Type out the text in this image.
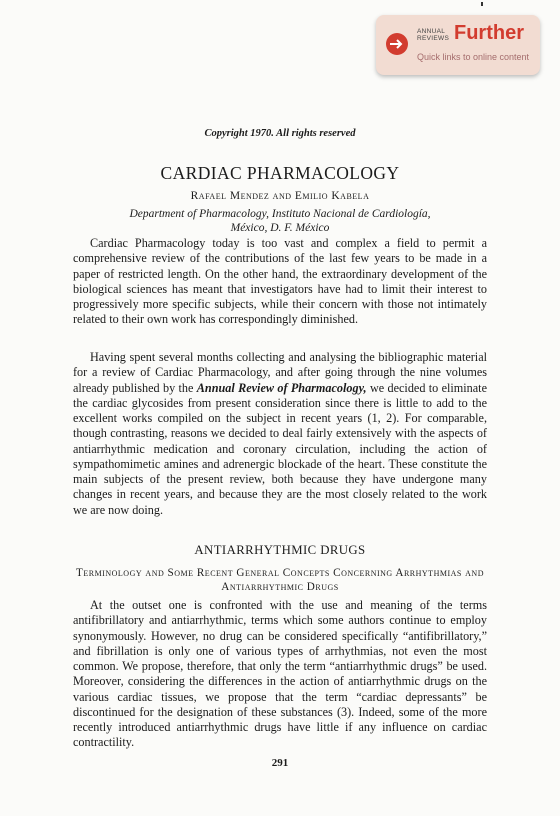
ANNUAL
REVIEWS Further
Quick links to online content
Copyright 1970. All rights reserved
CARDIAC PHARMACOLOGY
Rafael Mendez and Emilio Kabela
Department of Pharmacology, Instituto Nacional de Cardiología,
México, D. F. México

Cardiac Pharmacology today is too vast and complex a field to permit a comprehensive review of the contributions of the last few years to be made in a paper of restricted length. On the other hand, the extraordinary development of the biological sciences has meant that investigators have had to limit their interest to progressively more specific subjects, while their concern with those not intimately related to their own work has correspondingly diminished.

Having spent several months collecting and analysing the bibliographic material for a review of Cardiac Pharmacology, and after going through the nine volumes already published by the Annual Review of Pharmacology, we decided to eliminate the cardiac glycosides from present consideration since there is little to add to the excellent works compiled on the subject in recent years (1, 2). For comparable, though contrasting, reasons we decided to deal fairly extensively with the aspects of antiarrhythmic medication and coronary circulation, including the action of sympathomimetic amines and adrenergic blockade of the heart. These constitute the main subjects of the present review, both because they have undergone many changes in recent years, and because they are the most closely related to the work we are now doing.

ANTIARRHYTHMIC DRUGS
Terminology and Some Recent General Concepts Concerning Arrhythmias and Antiarrhythmic Drugs

At the outset one is confronted with the use and meaning of the terms antifibrillatory and antiarrhythmic, terms which some authors continue to employ synonymously. However, no drug can be considered specifically “antifibrillatory,” and fibrillation is only one of various types of arrhythmias, not even the most common. We propose, therefore, that only the term “antiarrhythmic drugs” be used. Moreover, considering the differences in the action of antiarrhythmic drugs on the various cardiac tissues, we propose that the term “cardiac depressants” be discontinued for the designation of these substances (3). Indeed, some of the more recently introduced antiarrhythmic drugs have little if any influence on cardiac contractility.

291
